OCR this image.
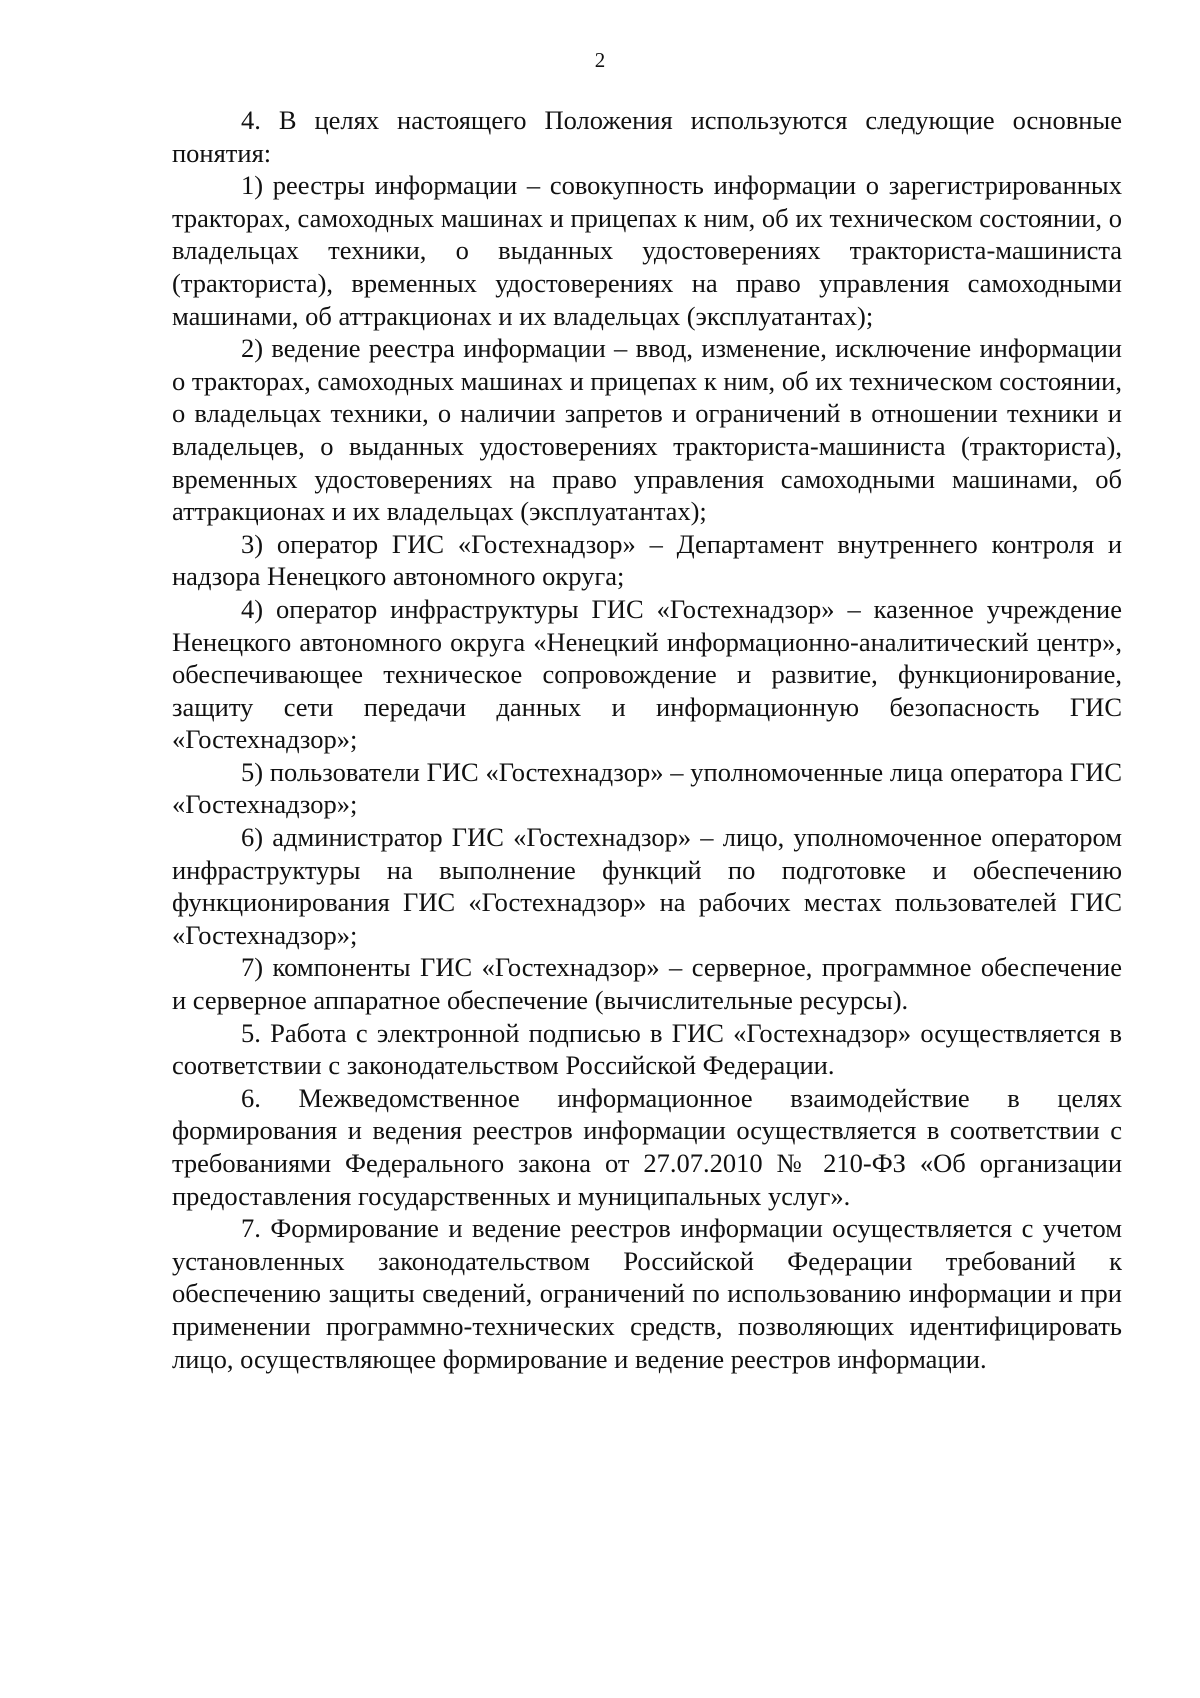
2

4. В целях настоящего Положения используются следующие основные понятия:

1) реестры информации – совокупность информации о зарегистрированных тракторах, самоходных машинах и прицепах к ним, об их техническом состоянии, о владельцах техники, о выданных удостоверениях тракториста-машиниста (тракториста), временных удостоверениях на право управления самоходными машинами, об аттракционах и их владельцах (эксплуатантах);

2) ведение реестра информации – ввод, изменение, исключение информации о тракторах, самоходных машинах и прицепах к ним, об их техническом состоянии, о владельцах техники, о наличии запретов и ограничений в отношении техники и владельцев, о выданных удостоверениях тракториста-машиниста (тракториста), временных удостоверениях на право управления самоходными машинами, об аттракционах и их владельцах (эксплуатантах);

3) оператор ГИС «Гостехнадзор» – Департамент внутреннего контроля и надзора Ненецкого автономного округа;

4) оператор инфраструктуры ГИС «Гостехнадзор» – казенное учреждение Ненецкого автономного округа «Ненецкий информационно-аналитический центр», обеспечивающее техническое сопровождение и развитие, функционирование, защиту сети передачи данных и информационную безопасность ГИС «Гостехнадзор»;

5) пользователи ГИС «Гостехнадзор» – уполномоченные лица оператора ГИС «Гостехнадзор»;

6) администратор ГИС «Гостехнадзор» – лицо, уполномоченное оператором инфраструктуры на выполнение функций по подготовке и обеспечению функционирования ГИС «Гостехнадзор» на рабочих местах пользователей ГИС «Гостехнадзор»;

7) компоненты ГИС «Гостехнадзор» – серверное, программное обеспечение и серверное аппаратное обеспечение (вычислительные ресурсы).

5. Работа с электронной подписью в ГИС «Гостехнадзор» осуществляется в соответствии с законодательством Российской Федерации.

6. Межведомственное информационное взаимодействие в целях формирования и ведения реестров информации осуществляется в соответствии с требованиями Федерального закона от 27.07.2010 № 210-ФЗ «Об организации предоставления государственных и муниципальных услуг».

7. Формирование и ведение реестров информации осуществляется с учетом установленных законодательством Российской Федерации требований к обеспечению защиты сведений, ограничений по использованию информации и при применении программно-технических средств, позволяющих идентифицировать лицо, осуществляющее формирование и ведение реестров информации.
